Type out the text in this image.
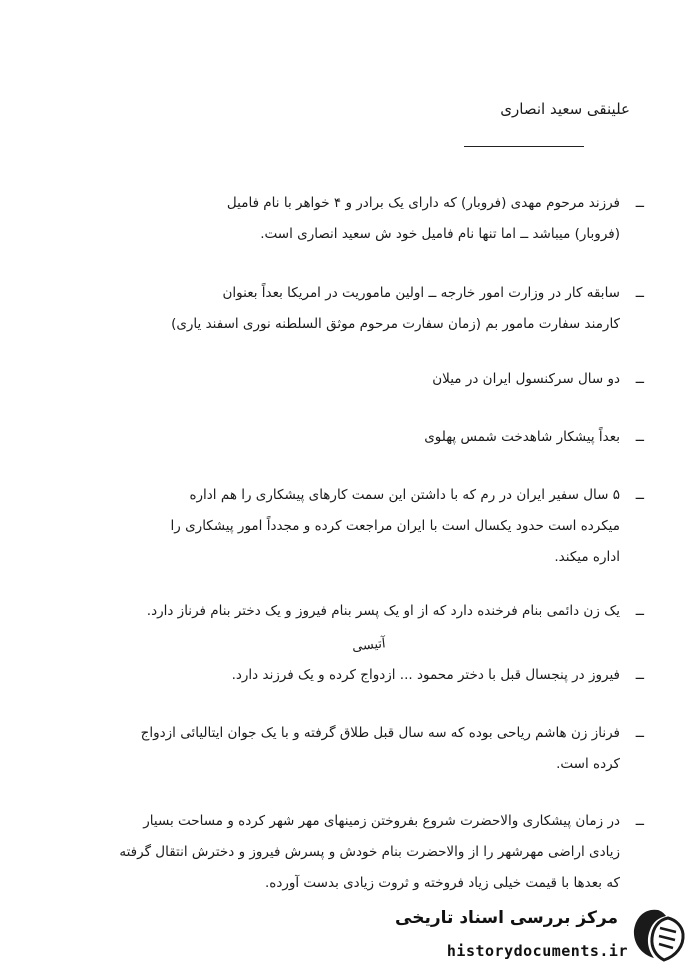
علینقی سعید انصاری
ــ
فرزند مرحوم مهدی (فروبار) که دارای یک برادر و ۴ خواهر با نام فامیل
(فروبار) میباشد ــ اما تنها نام فامیل خود ش سعید انصاری است.
ــ
سابقه کار در وزارت امور خارجه ــ اولین ماموریت در امریکا بعداً بعنوان
کارمند سفارت مامور بم (زمان سفارت مرحوم موثق السلطنه نوری اسفند یاری)
ــ
دو سال سرکنسول ایران در میلان
ــ
بعداً پیشکار شاهدخت شمس پهلوی
ــ
۵ سال سفیر ایران در رم که با داشتن این سمت کارهای پیشکاری را هم اداره
میکرده است حدود یکسال است با ایران مراجعت کرده و مجدداً امور پیشکاری را
اداره میکند.
ــ
یک زن دائمی بنام فرخنده دارد که از او یک پسر بنام فیروز و یک دختر بنام فرناز دارد.
آتیسی
ــ
فیروز در پنجسال قبل با دختر محمود ... ازدواج کرده و یک فرزند دارد.
ــ
فرناز زن هاشم ریاحی بوده که سه سال قبل طلاق گرفته و با یک جوان ایتالیائی ازدواج
کرده است.
ــ
در زمان پیشکاری والاحضرت شروع بفروختن زمینهای مهر شهر کرده و مساحت بسیار
زیادی اراضی مهرشهر را از والاحضرت بنام خودش و پسرش فیروز و دخترش انتقال گرفته
که بعدها با قیمت خیلی زیاد فروخته و ثروت زیادی بدست آورده.
مرکز بررسی اسناد تاریخی
historydocuments.ir
